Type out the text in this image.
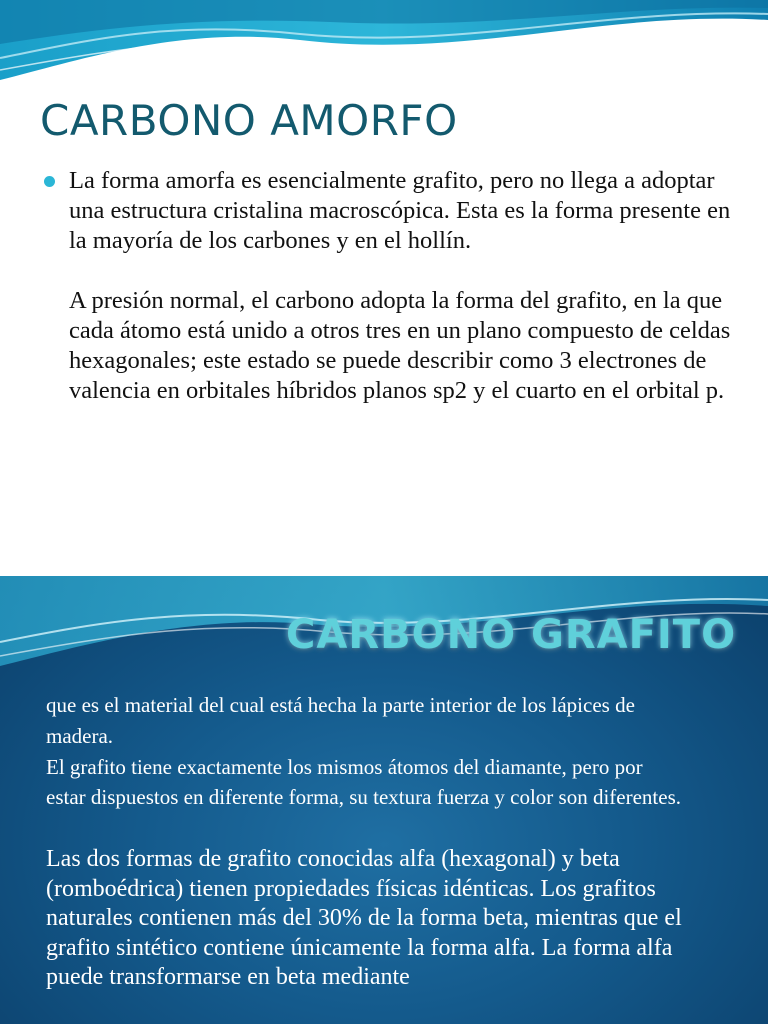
CARBONO AMORFO

La forma amorfa es esencialmente grafito, pero no llega a adoptar una estructura cristalina macroscópica. Esta es la forma presente en la mayoría de los carbones y en el hollín.

A presión normal, el carbono adopta la forma del grafito, en la que cada átomo está unido a otros tres en un plano compuesto de celdas hexagonales; este estado se puede describir como 3 electrones de valencia en orbitales híbridos planos sp2 y el cuarto en el orbital p.

CARBONO GRAFITO

que es el material del cual está hecha la parte interior de los lápices de madera.

El grafito tiene exactamente los mismos átomos del diamante, pero por estar dispuestos en diferente forma, su textura fuerza y color son diferentes.

Las dos formas de grafito conocidas alfa (hexagonal) y beta (romboédrica) tienen propiedades físicas idénticas. Los grafitos naturales contienen más del 30% de la forma beta, mientras que el grafito sintético contiene únicamente la forma alfa. La forma alfa puede transformarse en beta mediante
